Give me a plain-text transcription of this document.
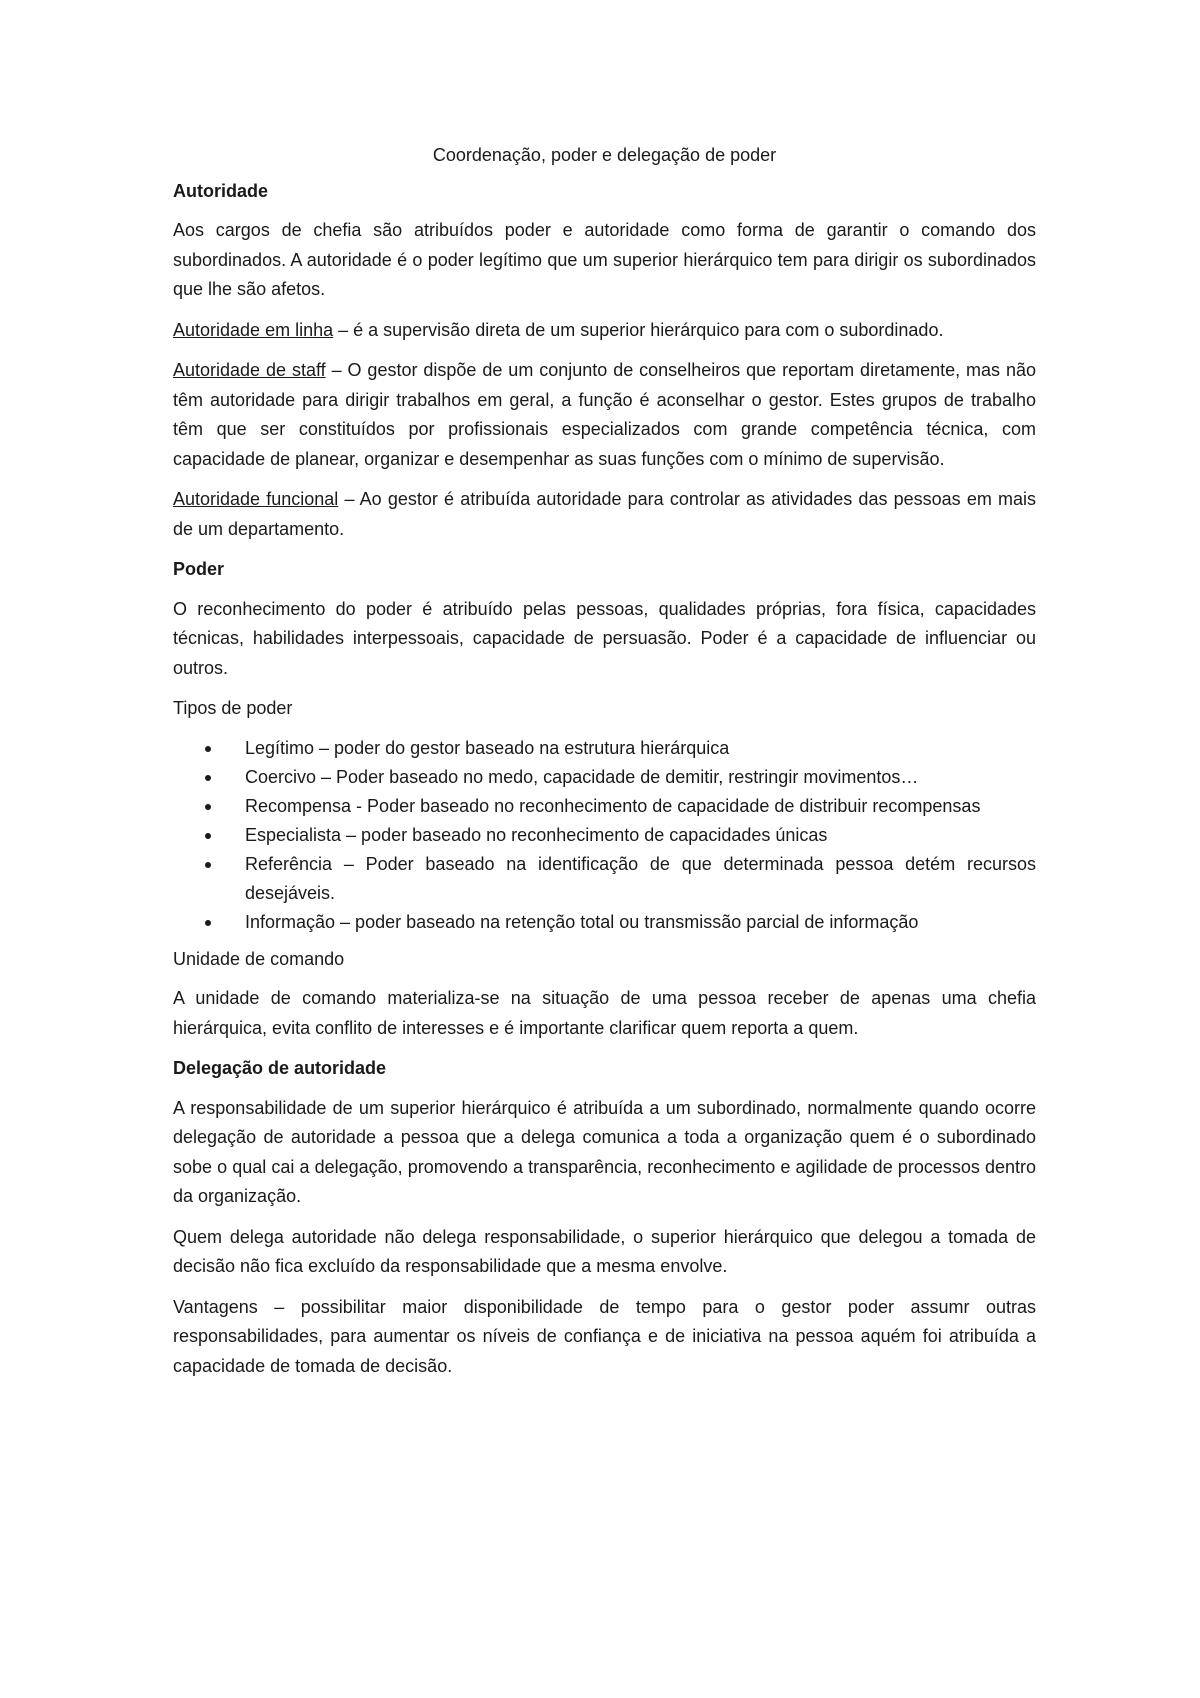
Coordenação, poder e delegação de poder
Autoridade

Aos cargos de chefia são atribuídos poder e autoridade como forma de garantir o comando dos subordinados. A autoridade é o poder legítimo que um superior hierárquico tem para dirigir os subordinados que lhe são afetos.

Autoridade em linha – é a supervisão direta de um superior hierárquico para com o subordinado.

Autoridade de staff – O gestor dispõe de um conjunto de conselheiros que reportam diretamente, mas não têm autoridade para dirigir trabalhos em geral, a função é aconselhar o gestor. Estes grupos de trabalho têm que ser constituídos por profissionais especializados com grande competência técnica, com capacidade de planear, organizar e desempenhar as suas funções com o mínimo de supervisão.

Autoridade funcional – Ao gestor é atribuída autoridade para controlar as atividades das pessoas em mais de um departamento.

Poder

O reconhecimento do poder é atribuído pelas pessoas, qualidades próprias, fora física, capacidades técnicas, habilidades interpessoais, capacidade de persuasão. Poder é a capacidade de influenciar ou outros.

Tipos de poder
Legítimo – poder do gestor baseado na estrutura hierárquica
Coercivo – Poder baseado no medo, capacidade de demitir, restringir movimentos…
Recompensa - Poder baseado no reconhecimento de capacidade de distribuir recompensas
Especialista – poder baseado no reconhecimento de capacidades únicas
Referência – Poder baseado na identificação de que determinada pessoa detém recursos desejáveis.
Informação – poder baseado na retenção total ou transmissão parcial de informação
Unidade de comando

A unidade de comando materializa-se na situação de uma pessoa receber de apenas uma chefia hierárquica, evita conflito de interesses e é importante clarificar quem reporta a quem.

Delegação de autoridade

A responsabilidade de um superior hierárquico é atribuída a um subordinado, normalmente quando ocorre delegação de autoridade a pessoa que a delega comunica a toda a organização quem é o subordinado sobe o qual cai a delegação, promovendo a transparência, reconhecimento e agilidade de processos dentro da organização.

Quem delega autoridade não delega responsabilidade, o superior hierárquico que delegou a tomada de decisão não fica excluído da responsabilidade que a mesma envolve.

Vantagens – possibilitar maior disponibilidade de tempo para o gestor poder assumr outras responsabilidades, para aumentar os níveis de confiança e de iniciativa na pessoa aquém foi atribuída a capacidade de tomada de decisão.
